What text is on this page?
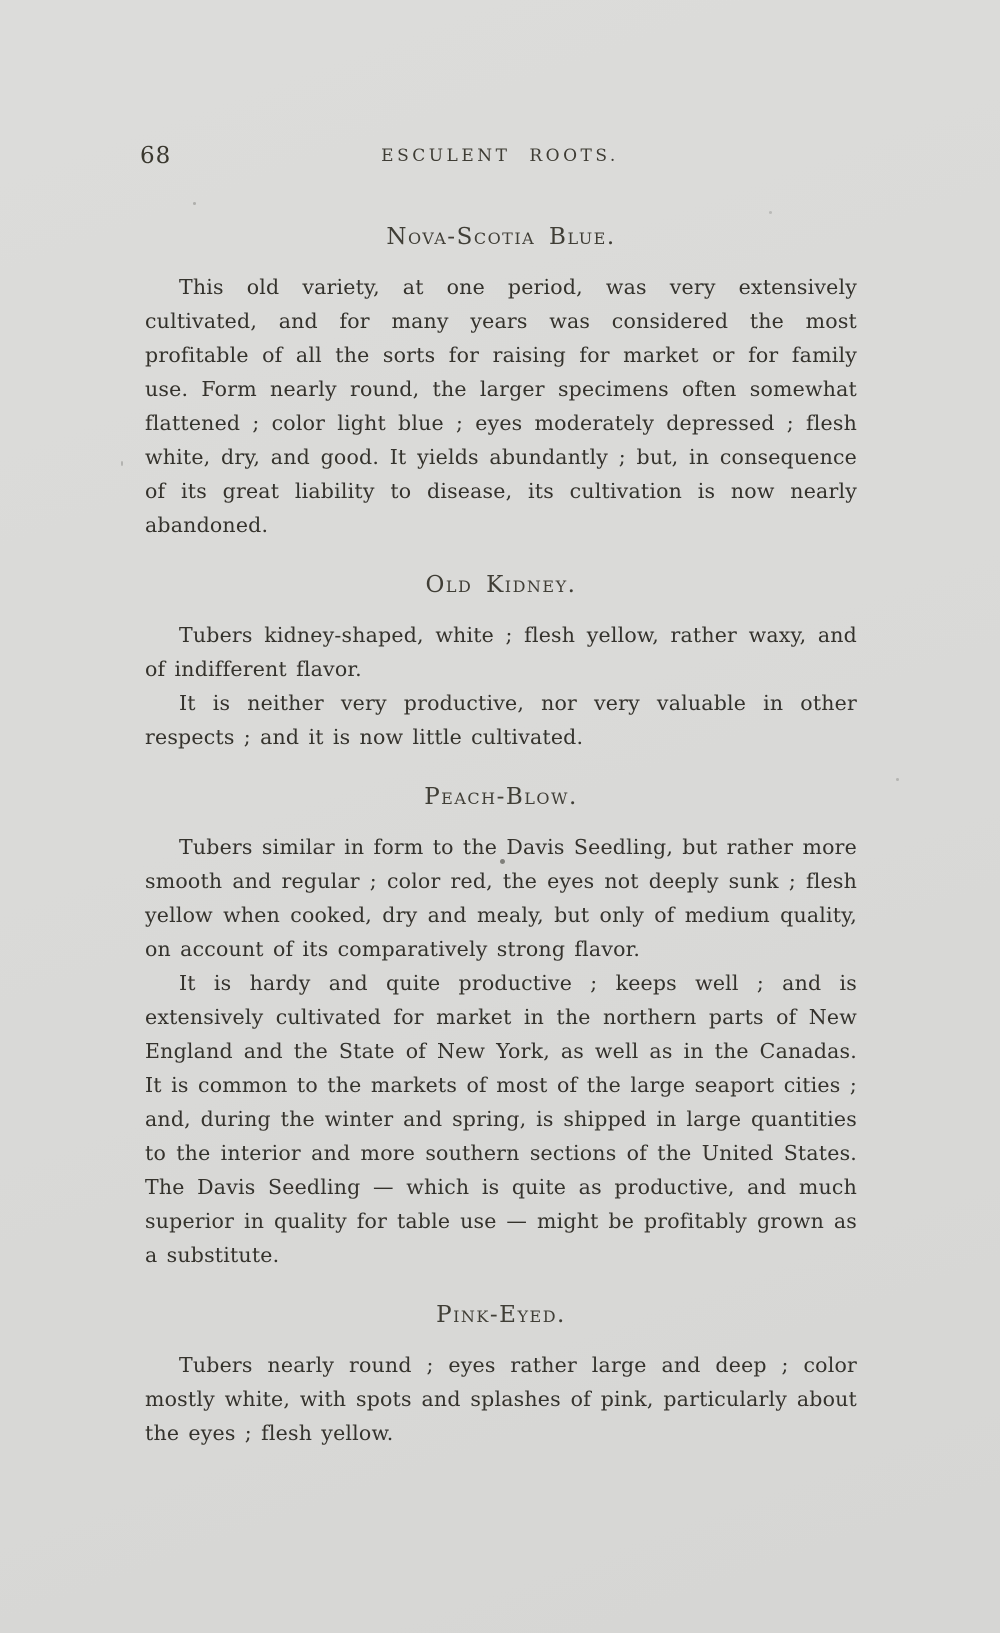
68	ESCULENT ROOTS.
Nova-Scotia Blue.

This old variety, at one period, was very extensively cultivated, and for many years was considered the most profitable of all the sorts for raising for market or for family use. Form nearly round, the larger specimens often somewhat flattened ; color light blue ; eyes moderately depressed ; flesh white, dry, and good. It yields abundantly ; but, in consequence of its great liability to disease, its cultivation is now nearly abandoned.

Old Kidney.

Tubers kidney-shaped, white ; flesh yellow, rather waxy, and of indifferent flavor.

It is neither very productive, nor very valuable in other respects ; and it is now little cultivated.

Peach-Blow.

Tubers similar in form to the Davis Seedling, but rather more smooth and regular ; color red, the eyes not deeply sunk ; flesh yellow when cooked, dry and mealy, but only of medium quality, on account of its comparatively strong flavor.

It is hardy and quite productive ; keeps well ; and is extensively cultivated for market in the northern parts of New England and the State of New York, as well as in the Canadas. It is common to the markets of most of the large seaport cities ; and, during the winter and spring, is shipped in large quantities to the interior and more southern sections of the United States. The Davis Seedling — which is quite as productive, and much superior in quality for table use — might be profitably grown as a substitute.

Pink-Eyed.

Tubers nearly round ; eyes rather large and deep ; color mostly white, with spots and splashes of pink, particularly about the eyes ; flesh yellow.
